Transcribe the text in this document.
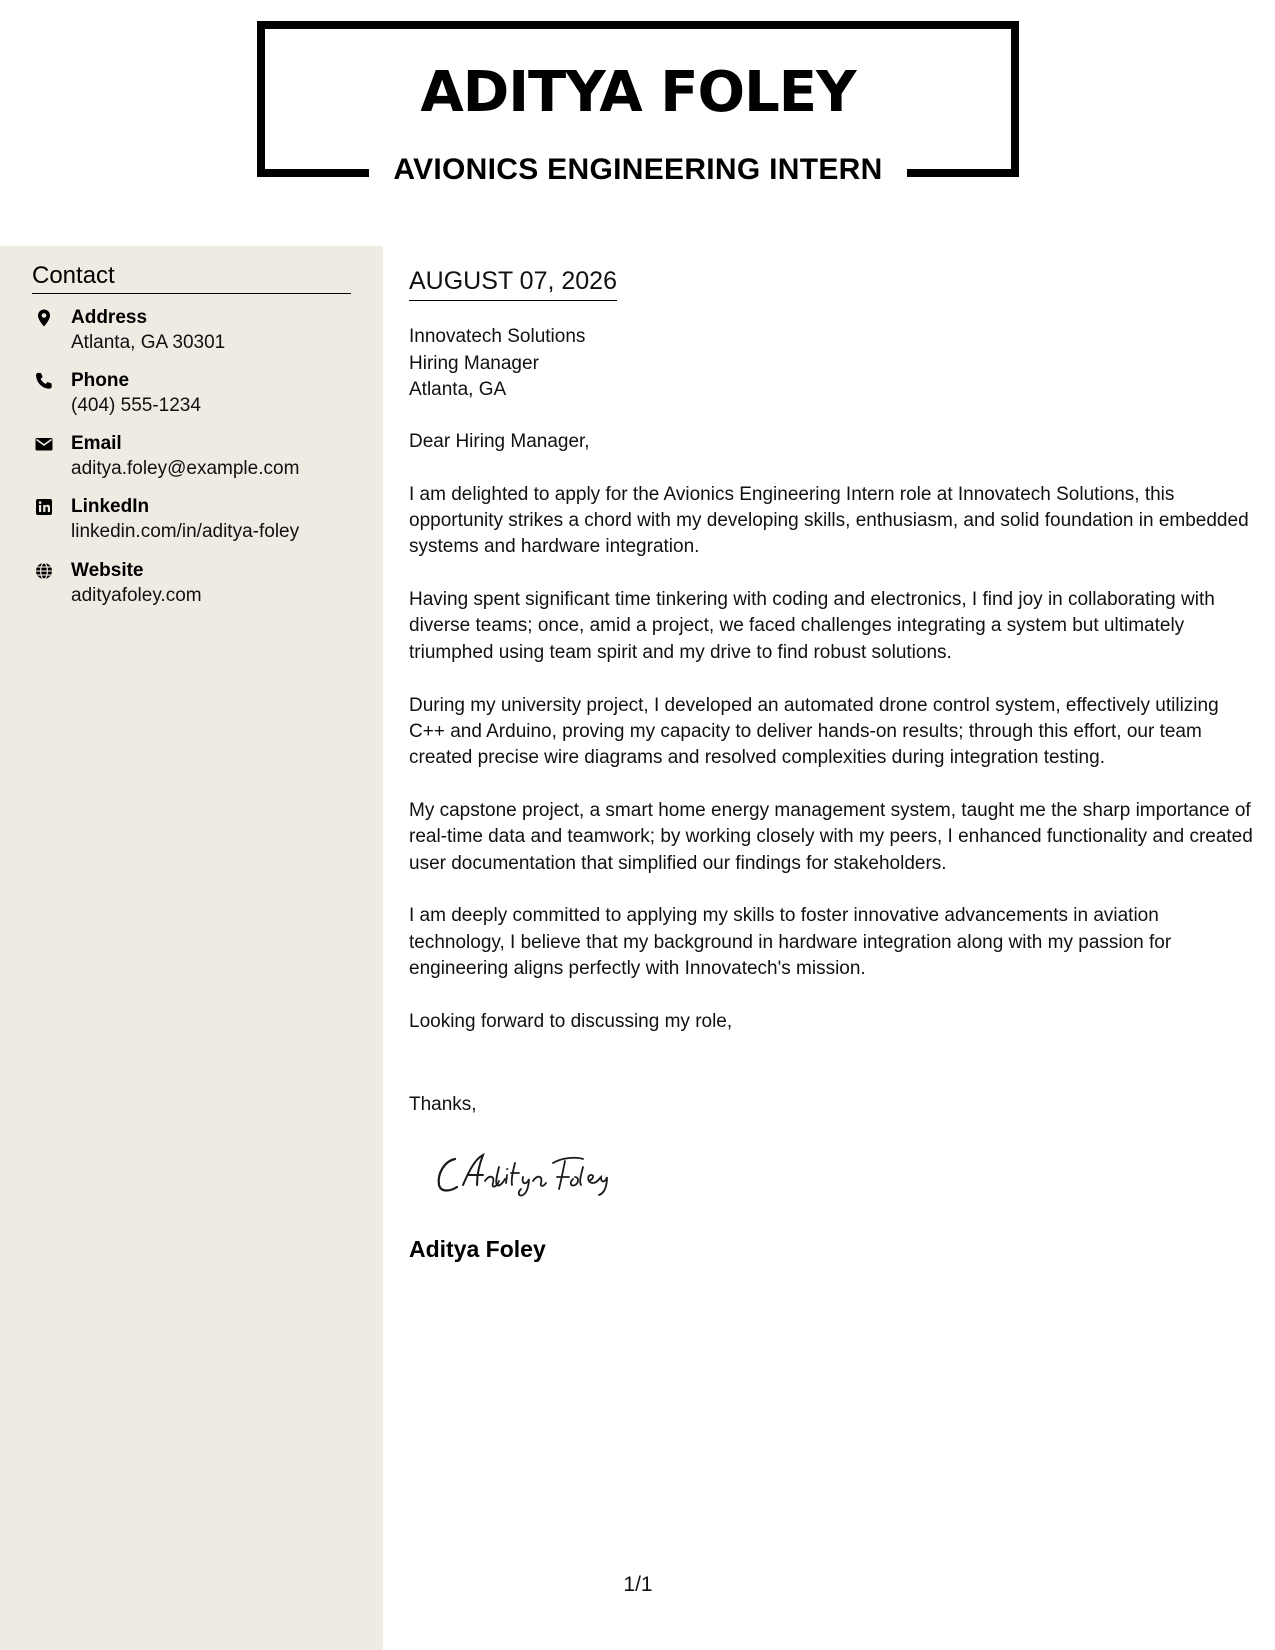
ADITYA FOLEY
AVIONICS ENGINEERING INTERN
Contact
Address
Atlanta, GA 30301
Phone
(404) 555-1234
Email
aditya.foley@example.com
LinkedIn
linkedin.com/in/aditya-foley
Website
adityafoley.com
AUGUST 07, 2026
Innovatech Solutions
Hiring Manager
Atlanta, GA

Dear Hiring Manager,

I am delighted to apply for the Avionics Engineering Intern role at Innovatech Solutions, this opportunity strikes a chord with my developing skills, enthusiasm, and solid foundation in embedded systems and hardware integration.

Having spent significant time tinkering with coding and electronics, I find joy in collaborating with diverse teams; once, amid a project, we faced challenges integrating a system but ultimately triumphed using team spirit and my drive to find robust solutions.

During my university project, I developed an automated drone control system, effectively utilizing C++ and Arduino, proving my capacity to deliver hands-on results; through this effort, our team created precise wire diagrams and resolved complexities during integration testing.

My capstone project, a smart home energy management system, taught me the sharp importance of real-time data and teamwork; by working closely with my peers, I enhanced functionality and created user documentation that simplified our findings for stakeholders.

I am deeply committed to applying my skills to foster innovative advancements in aviation technology, I believe that my background in hardware integration along with my passion for engineering aligns perfectly with Innovatech's mission.

Looking forward to discussing my role,

Thanks,
Aditya Foley
1/1
